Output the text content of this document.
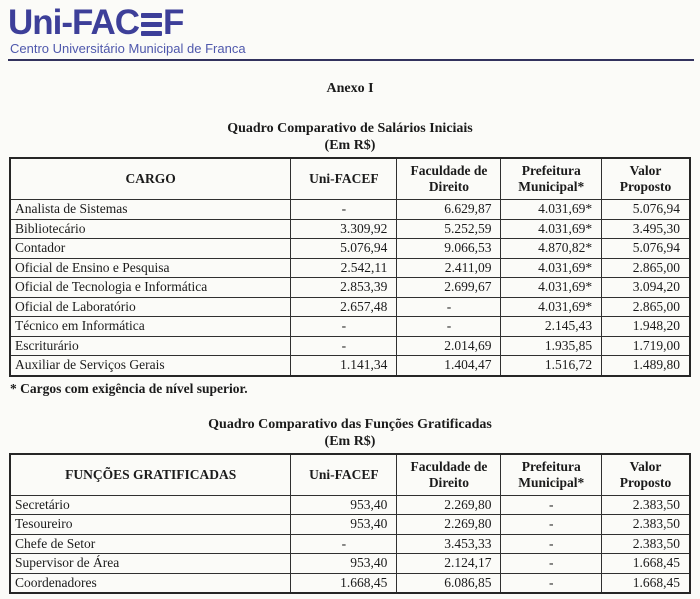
Uni-FAC F
Centro Universitário Municipal de Franca
Anexo I
Quadro Comparativo de Salários Iniciais
(Em R$)
CARGO	Uni-FACEF	Faculdade de Direito	Prefeitura Municipal*	Valor Proposto
Analista de Sistemas	-	6.629,87	4.031,69*	5.076,94
Bibliotecário	3.309,92	5.252,59	4.031,69*	3.495,30
Contador	5.076,94	9.066,53	4.870,82*	5.076,94
Oficial de Ensino e Pesquisa	2.542,11	2.411,09	4.031,69*	2.865,00
Oficial de Tecnologia e Informática	2.853,39	2.699,67	4.031,69*	3.094,20
Oficial de Laboratório	2.657,48	-	4.031,69*	2.865,00
Técnico em Informática	-	-	2.145,43	1.948,20
Escriturário	-	2.014,69	1.935,85	1.719,00
Auxiliar de Serviços Gerais	1.141,34	1.404,47	1.516,72	1.489,80
* Cargos com exigência de nível superior.
Quadro Comparativo das Funções Gratificadas
(Em R$)
FUNÇÕES GRATIFICADAS	Uni-FACEF	Faculdade de Direito	Prefeitura Municipal*	Valor Proposto
Secretário	953,40	2.269,80	-	2.383,50
Tesoureiro	953,40	2.269,80	-	2.383,50
Chefe de Setor	-	3.453,33	-	2.383,50
Supervisor de Área	953,40	2.124,17	-	1.668,45
Coordenadores	1.668,45	6.086,85	-	1.668,45
